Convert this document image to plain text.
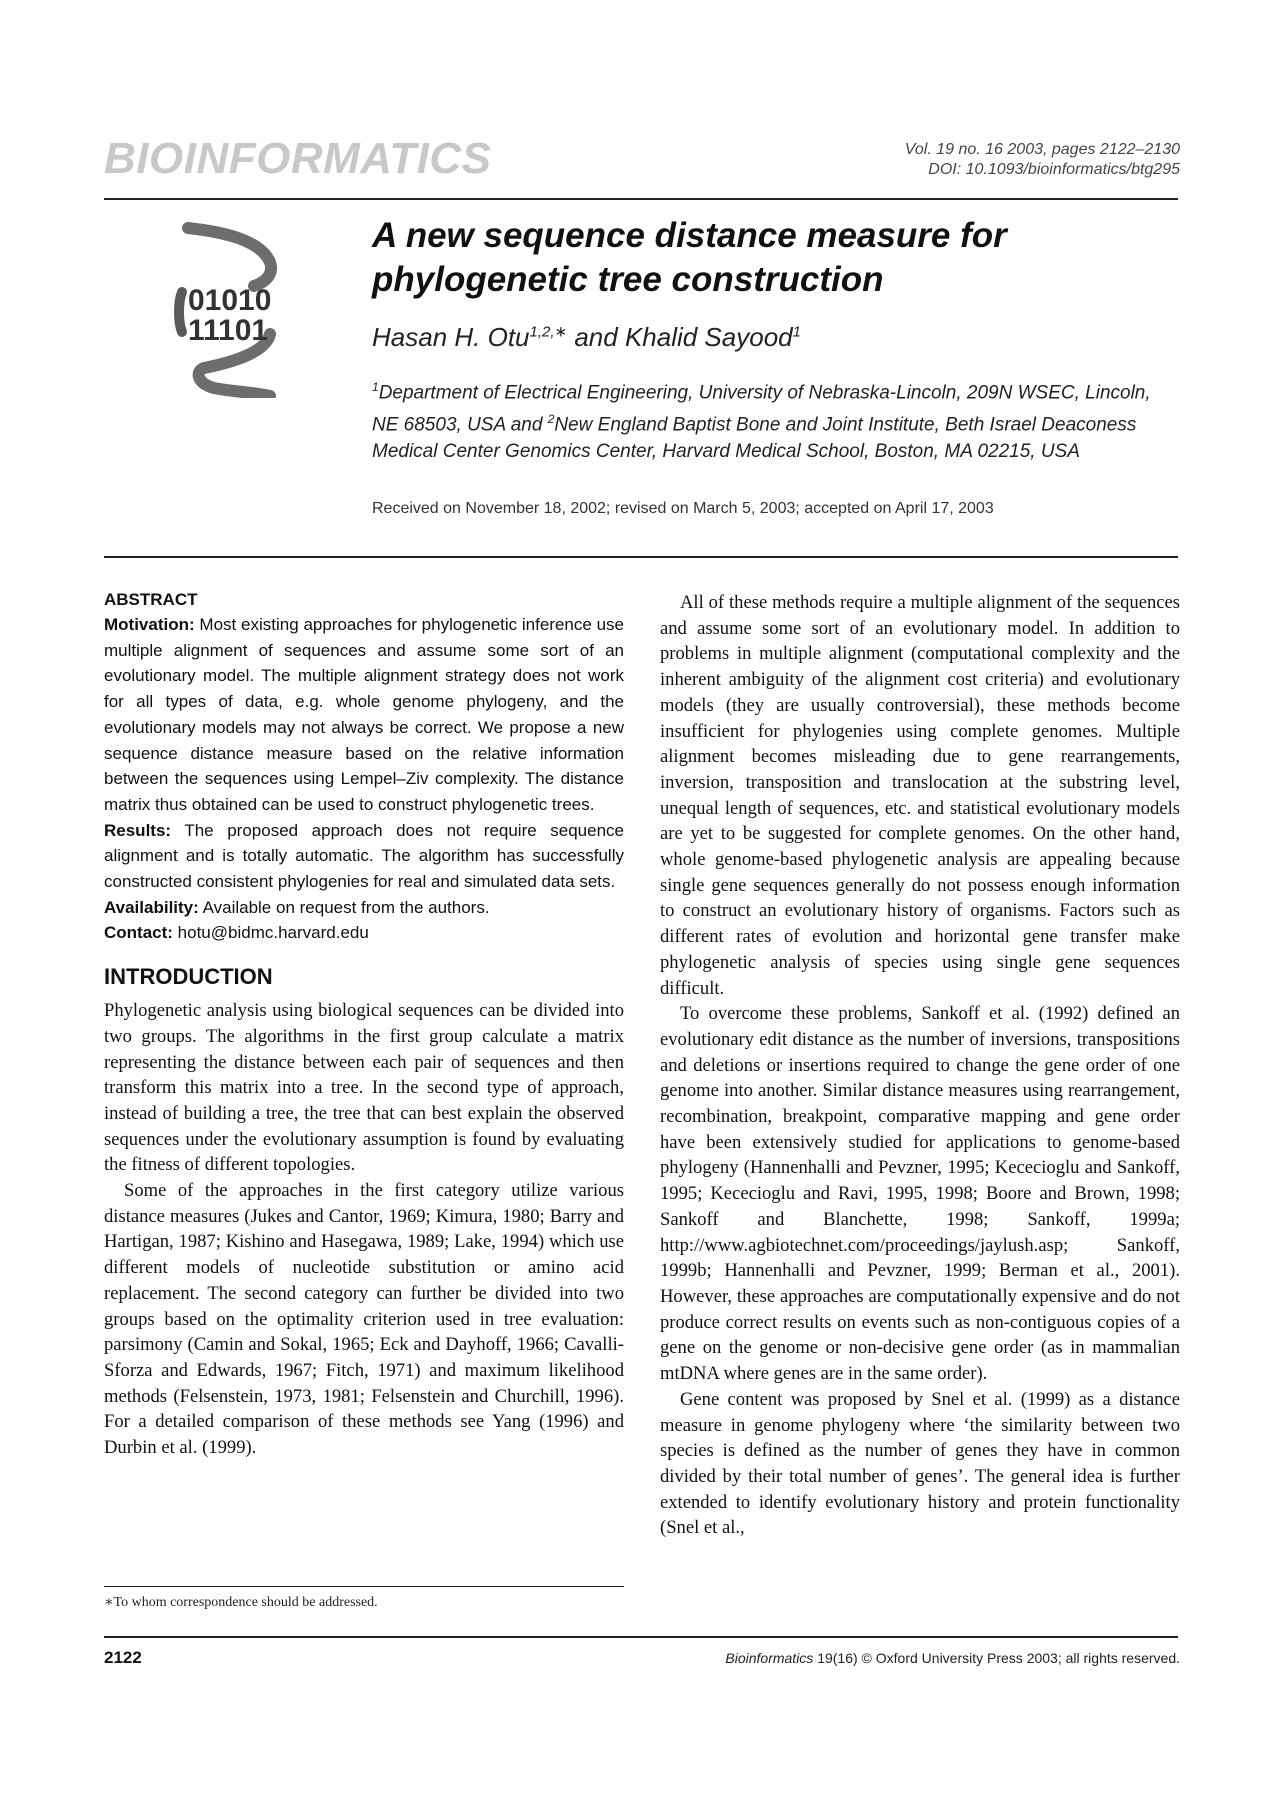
BIOINFORMATICS	Vol. 19 no. 16 2003, pages 2122–2130
DOI: 10.1093/bioinformatics/btg295
01010
11101
A new sequence distance measure for phylogenetic tree construction
Hasan H. Otu$^{1,2,∗}$ and Khalid Sayood$^1$
$^1$Department of Electrical Engineering, University of Nebraska-Lincoln, 209N WSEC, Lincoln, NE 68503, USA and $^2$New England Baptist Bone and Joint Institute, Beth Israel Deaconess Medical Center Genomics Center, Harvard Medical School, Boston, MA 02215, USA
Received on November 18, 2002; revised on March 5, 2003; accepted on April 17, 2003
ABSTRACT

Motivation: Most existing approaches for phylogenetic inference use multiple alignment of sequences and assume some sort of an evolutionary model. The multiple alignment strategy does not work for all types of data, e.g. whole genome phylogeny, and the evolutionary models may not always be correct. We propose a new sequence distance measure based on the relative information between the sequences using Lempel–Ziv complexity. The distance matrix thus obtained can be used to construct phylogenetic trees.

Results: The proposed approach does not require sequence alignment and is totally automatic. The algorithm has successfully constructed consistent phylogenies for real and simulated data sets.

Availability: Available on request from the authors.

Contact: hotu@bidmc.harvard.edu

INTRODUCTION

Phylogenetic analysis using biological sequences can be divided into two groups. The algorithms in the first group calculate a matrix representing the distance between each pair of sequences and then transform this matrix into a tree. In the second type of approach, instead of building a tree, the tree that can best explain the observed sequences under the evolutionary assumption is found by evaluating the fitness of different topologies.

Some of the approaches in the first category utilize various distance measures (Jukes and Cantor, 1969; Kimura, 1980; Barry and Hartigan, 1987; Kishino and Hasegawa, 1989; Lake, 1994) which use different models of nucleotide substitution or amino acid replacement. The second category can further be divided into two groups based on the optimality criterion used in tree evaluation: parsimony (Camin and Sokal, 1965; Eck and Dayhoff, 1966; Cavalli-Sforza and Edwards, 1967; Fitch, 1971) and maximum likelihood methods (Felsenstein, 1973, 1981; Felsenstein and Churchill, 1996). For a detailed comparison of these methods see Yang (1996) and Durbin et al. (1999).

All of these methods require a multiple alignment of the sequences and assume some sort of an evolutionary model. In addition to problems in multiple alignment (computational complexity and the inherent ambiguity of the alignment cost criteria) and evolutionary models (they are usually controversial), these methods become insufficient for phylogenies using complete genomes. Multiple alignment becomes misleading due to gene rearrangements, inversion, transposition and translocation at the substring level, unequal length of sequences, etc. and statistical evolutionary models are yet to be suggested for complete genomes. On the other hand, whole genome-based phylogenetic analysis are appealing because single gene sequences generally do not possess enough information to construct an evolutionary history of organisms. Factors such as different rates of evolution and horizontal gene transfer make phylogenetic analysis of species using single gene sequences difficult.

To overcome these problems, Sankoff et al. (1992) defined an evolutionary edit distance as the number of inversions, transpositions and deletions or insertions required to change the gene order of one genome into another. Similar distance measures using rearrangement, recombination, breakpoint, comparative mapping and gene order have been extensively studied for applications to genome-based phylogeny (Hannenhalli and Pevzner, 1995; Kececioglu and Sankoff, 1995; Kececioglu and Ravi, 1995, 1998; Boore and Brown, 1998; Sankoff and Blanchette, 1998; Sankoff, 1999a; http://www.agbiotechnet.com/proceedings/jaylush.asp; Sankoff, 1999b; Hannenhalli and Pevzner, 1999; Berman et al., 2001). However, these approaches are computationally expensive and do not produce correct results on events such as non-contiguous copies of a gene on the genome or non-decisive gene order (as in mammalian mtDNA where genes are in the same order).

Gene content was proposed by Snel et al. (1999) as a distance measure in genome phylogeny where ‘the similarity between two species is defined as the number of genes they have in common divided by their total number of genes’. The general idea is further extended to identify evolutionary history and protein functionality (Snel et al.,

∗To whom correspondence should be addressed.
2122	Bioinformatics 19(16) © Oxford University Press 2003; all rights reserved.
